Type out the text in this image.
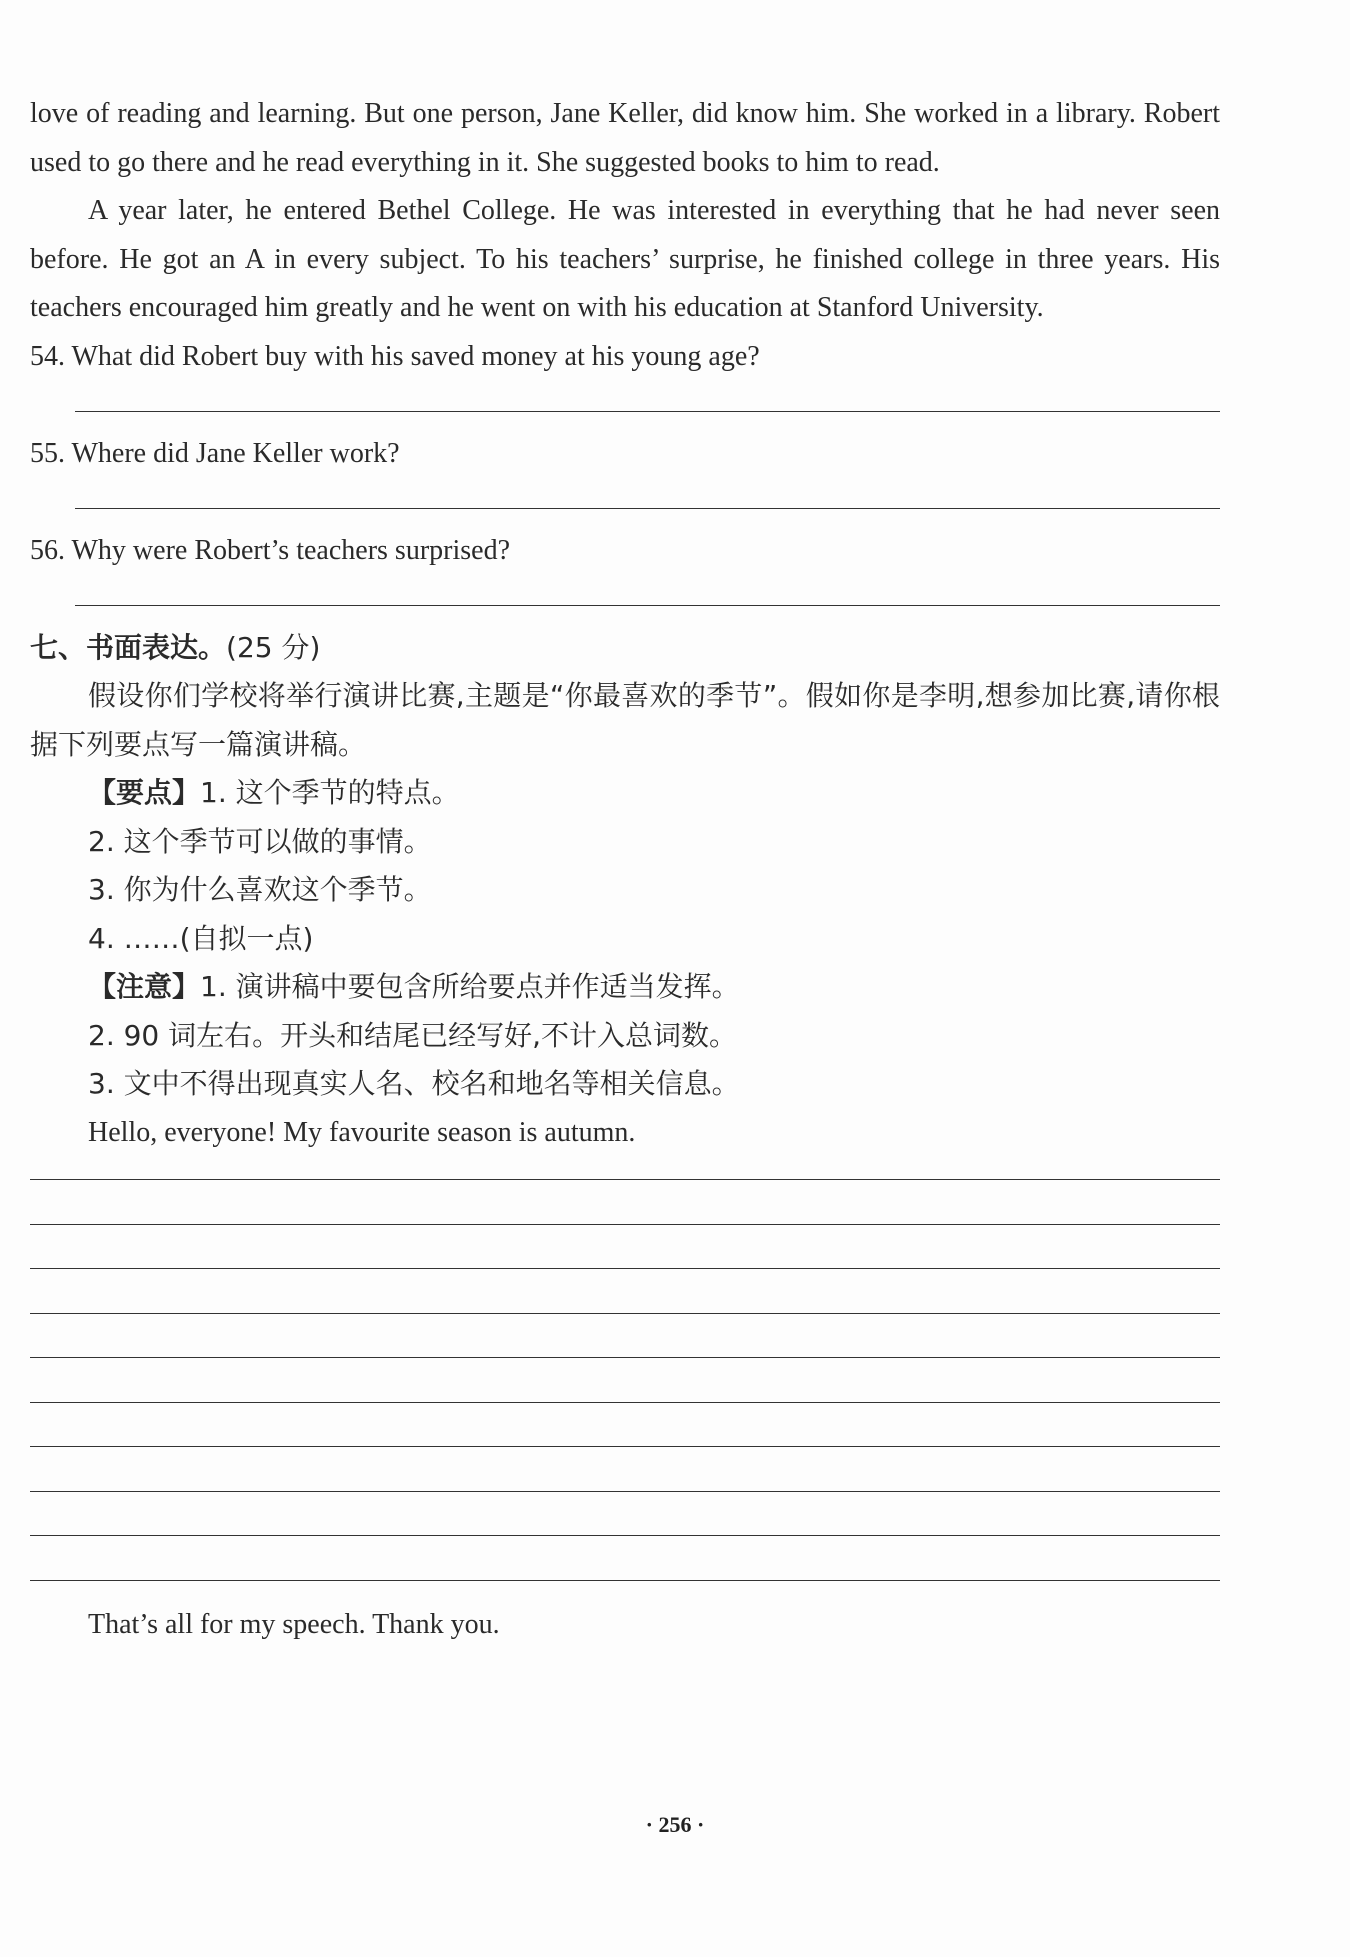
love of reading and learning. But one person, Jane Keller, did know him. She worked in a library. Robert used to go there and he read everything in it. She suggested books to him to read.

A year later, he entered Bethel College. He was interested in everything that he had never seen before. He got an A in every subject. To his teachers’ surprise, he finished college in three years. His teachers encouraged him greatly and he went on with his education at Stanford University.

54. What did Robert buy with his saved money at his young age?
55. Where did Jane Keller work?
56. Why were Robert’s teachers surprised?
七、书面表达。(25 分)

假设你们学校将举行演讲比赛,主题是“你最喜欢的季节”。假如你是李明,想参加比赛,请你根据下列要点写一篇演讲稿。

【要点】1. 这个季节的特点。
2. 这个季节可以做的事情。
3. 你为什么喜欢这个季节。
4. ……(自拟一点)
【注意】1. 演讲稿中要包含所给要点并作适当发挥。
2. 90 词左右。开头和结尾已经写好,不计入总词数。
3. 文中不得出现真实人名、校名和地名等相关信息。
Hello, everyone! My favourite season is autumn.
That’s all for my speech. Thank you.
· 256 ·
